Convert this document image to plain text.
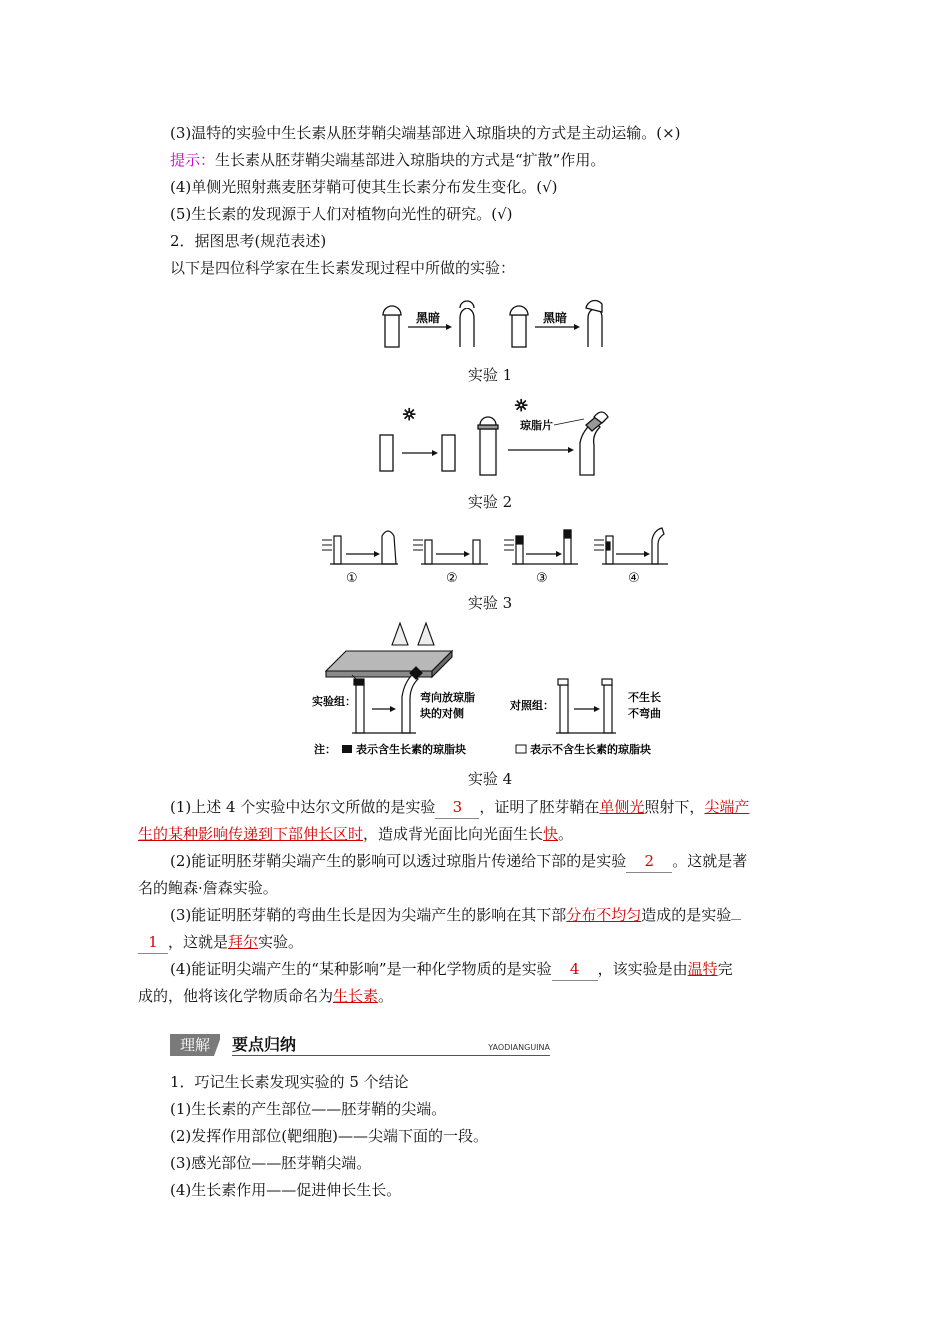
(3)温特的实验中生长素从胚芽鞘尖端基部进入琼脂块的方式是主动运输。(×)
提示：生长素从胚芽鞘尖端基部进入琼脂块的方式是“扩散”作用。
(4)单侧光照射燕麦胚芽鞘可使其生长素分布发生变化。(√)
(5)生长素的发现源于人们对植物向光性的研究。(√)
2．据图思考(规范表述)
以下是四位科学家在生长素发现过程中所做的实验：
黑暗	黑暗
实验 1
☼	☼
琼脂片
实验 2
①	②	③	④
实验 3
实验组：	弯向放琼脂
块的对侧
对照组：
不生长
不弯曲
注： 表示含生长素的琼脂块	表示不含生长素的琼脂块
实验 4
(1)上述 4 个实验中达尔文所做的是实验 3 ，证明了胚芽鞘在单侧光照射下，尖端产
生的某种影响传递到下部伸长区时，造成背光面比向光面生长快。
(2)能证明胚芽鞘尖端产生的影响可以透过琼脂片传递给下部的是实验 2 。这就是著
名的鲍森·詹森实验。
(3)能证明胚芽鞘的弯曲生长是因为尖端产生的影响在其下部分布不均匀造成的是实验
1 ，这就是拜尔实验。
(4)能证明尖端产生的“某种影响”是一种化学物质的是实验 4 ，该实验是由温特完
成的，他将该化学物质命名为生长素。
理解	要点归纳	YAODIANGUINA
1．巧记生长素发现实验的 5 个结论
(1)生长素的产生部位——胚芽鞘的尖端。
(2)发挥作用部位(靶细胞)——尖端下面的一段。
(3)感光部位——胚芽鞘尖端。
(4)生长素作用——促进伸长生长。
